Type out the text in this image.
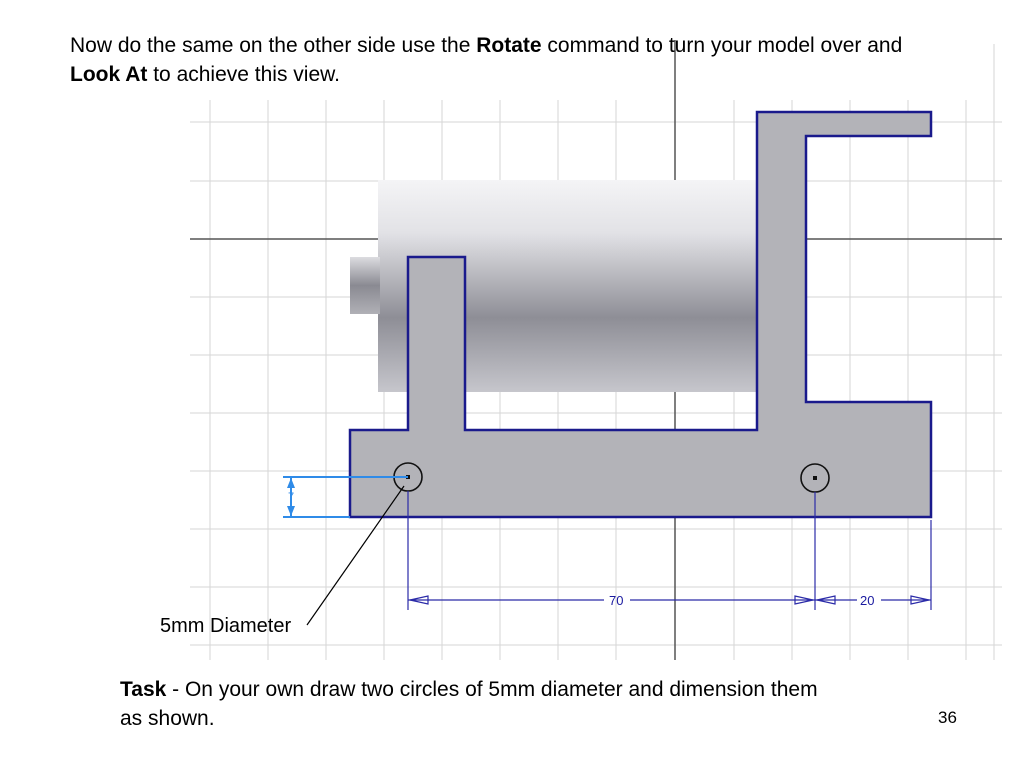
Now do the same on the other side use the Rotate command to turn your model over and Look At to achieve this view.

7
70	20
5mm Diameter

Task - On your own draw two circles of 5mm diameter and dimension them as shown.	36
